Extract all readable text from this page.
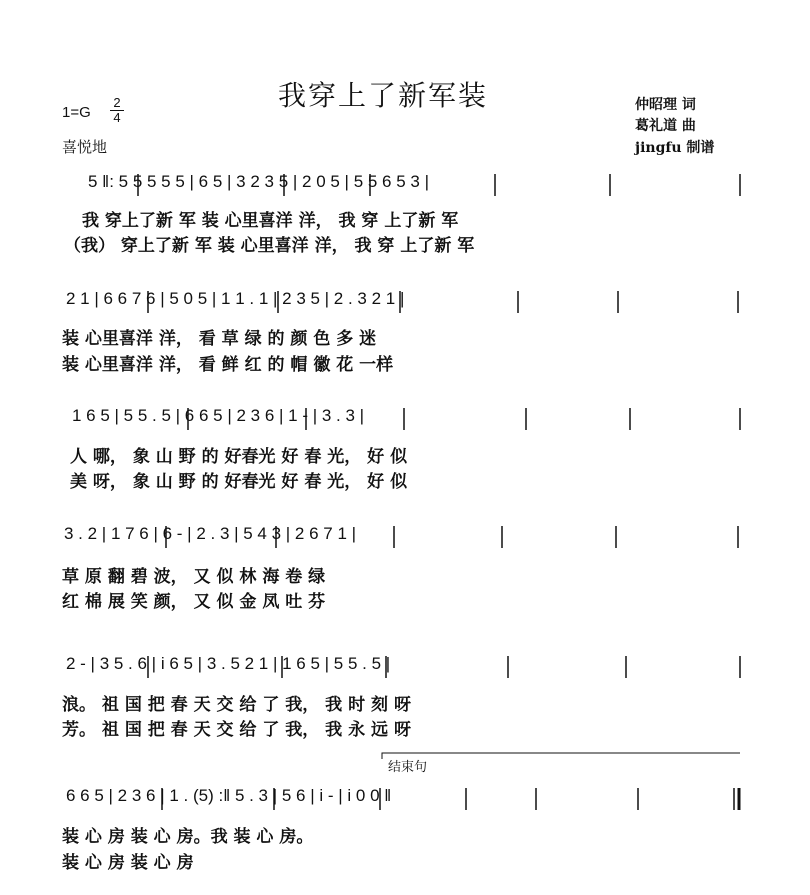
我穿上了新军装
1=G
2
4
喜悦地
仲昭理 词
葛礼道 曲
jingfu 制谱
5 ‖: 5 5 5 5 5 | 6 5 | 3 2 3 5 | 2 0 5 | 5 5 6 5 3 |
我 穿上了新 军 装 心里喜洋 洋， 我 穿 上了新 军
（我） 穿上了新 军 装 心里喜洋 洋， 我 穿 上了新 军
2 1 | 6 6 7 6 | 5 0 5 | 1 1 . 1 | 2 3 5 | 2 . 3 2 1 |
装 心里喜洋 洋， 看 草 绿 的 颜 色 多 迷
装 心里喜洋 洋， 看 鲜 红 的 帽 徽 花 一样
1 6 5 | 5 5 . 5 | 6 6 5 | 2 3 6 | 1 - | 3 . 3 |
人 哪， 象 山 野 的 好春光 好 春 光， 好 似
美 呀， 象 山 野 的 好春光 好 春 光， 好 似
3 . 2 | 1 7 6 | 6 - | 2 . 3 | 5 4 3 | 2 6 7 1 |
草 原 翻 碧 波， 又 似 林 海 卷 绿
红 棉 展 笑 颜， 又 似 金 凤 吐 芬
2 - | 3 5 . 6 | i 6 5 | 3 . 5 2 1 | 1 6 5 | 5 5 . 5 |
浪。 祖 国 把 春 天 交 给 了 我， 我 时 刻 呀
芳。 祖 国 把 春 天 交 给 了 我， 我 永 远 呀
结束句
6 6 5 | 2 3 6 | 1 . (5) :‖ 5 . 3 | 5 6 | i - | i 0 0 ‖
装 心 房 装 心 房。我 装 心 房。
装 心 房 装 心 房
